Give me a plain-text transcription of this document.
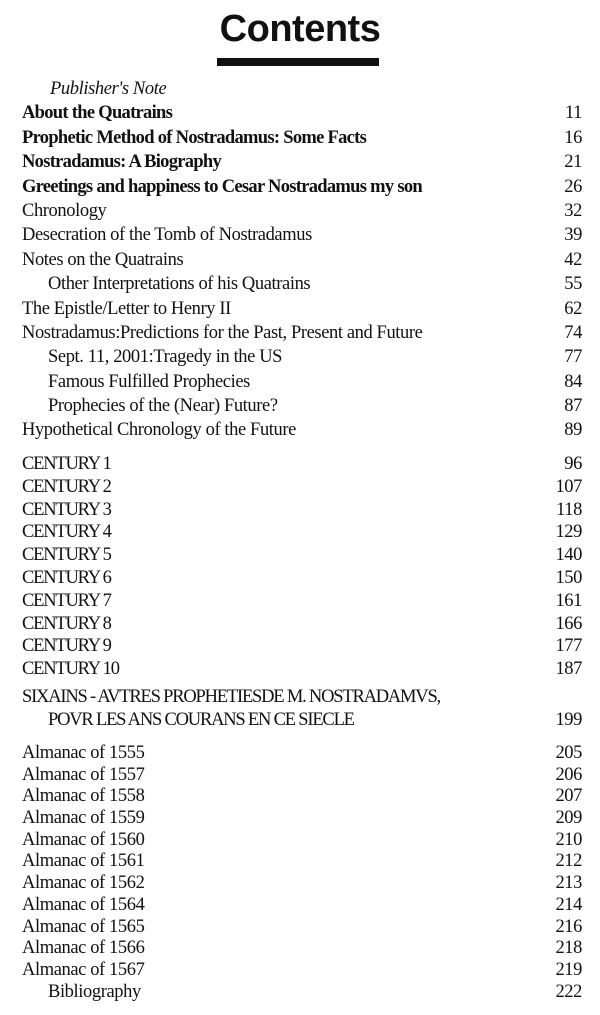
Contents
Publisher's Note
About the Quatrains	11
Prophetic Method of Nostradamus: Some Facts	16
Nostradamus: A Biography	21
Greetings and happiness to Cesar Nostradamus my son	26
Chronology	32
Desecration of the Tomb of Nostradamus	39
Notes on the Quatrains	42
Other Interpretations of his Quatrains	55
The Epistle/Letter to Henry II	62
Nostradamus:Predictions for the Past, Present and Future	74
Sept. 11, 2001:Tragedy in the US	77
Famous Fulfilled Prophecies	84
Prophecies of the (Near) Future?	87
Hypothetical Chronology of the Future	89
CENTURY 1	96
CENTURY 2	107
CENTURY 3	118
CENTURY 4	129
CENTURY 5	140
CENTURY 6	150
CENTURY 7	161
CENTURY 8	166
CENTURY 9	177
CENTURY 10	187
SIXAINS - AVTRES PROPHETIESDE M. NOSTRADAMVS,
POVR LES ANS COURANS EN CE SIECLE	199
Almanac of 1555	205
Almanac of 1557	206
Almanac of 1558	207
Almanac of 1559	209
Almanac of 1560	210
Almanac of 1561	212
Almanac of 1562	213
Almanac of 1564	214
Almanac of 1565	216
Almanac of 1566	218
Almanac of 1567	219
Bibliography	222
